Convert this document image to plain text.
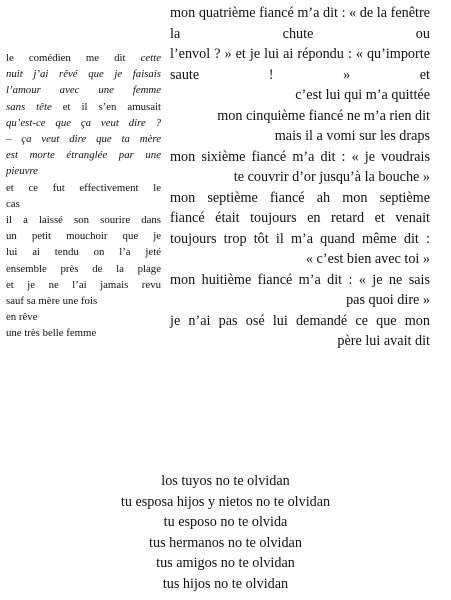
mon quatrième fiancé m’a dit : « de la fenêtre la chute ou
l’envol ? » et je lui ai répondu : « qu’importe saute ! » et
c’est lui qui m’a quittée
mon cinquième fiancé ne m’a rien dit
mais il a vomi sur les draps
mon sixième fiancé m’a dit : « je voudrais
te couvrir d’or jusqu’à la bouche »
mon septième fiancé ah mon septième
fiancé était toujours en retard et venait
toujours trop tôt il m’a quand même dit :
« c’est bien avec toi »
mon huitième fiancé m’a dit : « je ne sais
pas quoi dire »
je n’ai pas osé lui demandé ce que mon
père lui avait dit
le comédien me dit cette
nuit j’ai rêvé que je faisais
l’amour avec une femme
sans tête et il s’en amusait
qu’est-ce que ça veut dire ?
– ça veut dire que ta mère
est morte étranglée par une
pieuvre
et ce fut effectivement le
cas
il a laissé son sourire dans
un petit mouchoir que je
lui ai tendu on l’a jeté
ensemble près de la plage
et je ne l’ai jamais revu
sauf sa mère une fois
en rêve
une très belle femme
los tuyos no te olvidan
tu esposa hijos y nietos no te olvidan
tu esposo no te olvida
tus hermanos no te olvidan
tus amigos no te olvidan
tus hijos no te olvidan
